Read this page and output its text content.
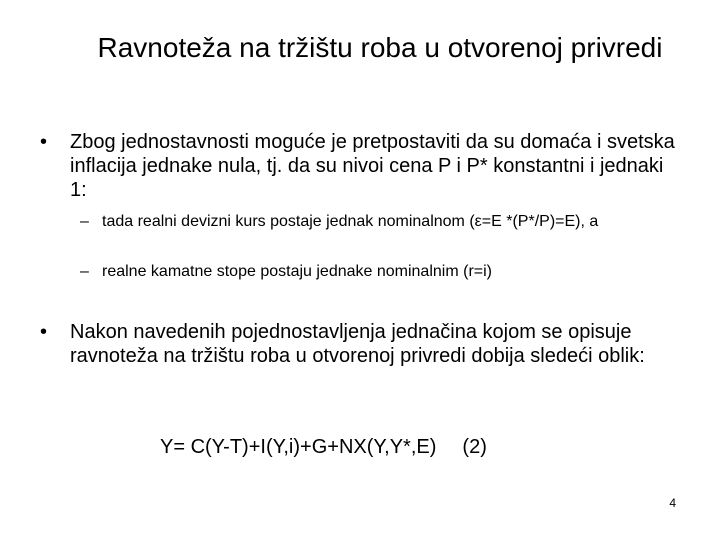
Ravnoteža na tržištu roba u otvorenoj privredi
• Zbog jednostavnosti moguće je pretpostaviti da su domaća i svetska inflacija jednake nula, tj. da su nivoi cena P i P* konstantni i jednaki 1:
– tada realni devizni kurs postaje jednak nominalnom (ε=E *(P*/P)=E), a
– realne kamatne stope postaju jednake nominalnim (r=i)
• Nakon navedenih pojednostavljenja jednačina kojom se opisuje ravnoteža na tržištu roba u otvorenoj privredi dobija sledeći oblik:
Y= C(Y-T)+I(Y,i)+G+NX(Y,Y*,E) (2)
4
